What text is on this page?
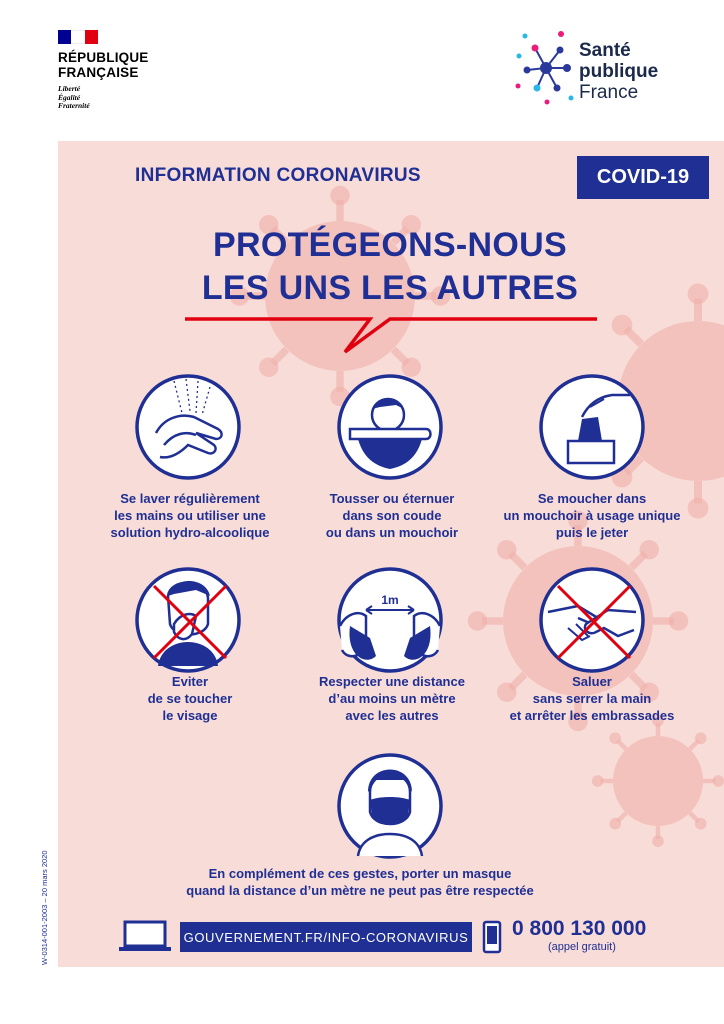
RÉPUBLIQUE
FRANÇAISE
Liberté
Égalité
Fraternité
Santé
publique
France
INFORMATION CORONAVIRUS	COVID-19
PROTÉGEONS-NOUS
LES UNS LES AUTRES
1m
Se laver régulièrement
les mains ou utiliser une
solution hydro-alcoolique
Tousser ou éternuer
dans son coude
ou dans un mouchoir
Se moucher dans
un mouchoir à usage unique
puis le jeter
Eviter
de se toucher
le visage
Respecter une distance
d’au moins un mètre
avec les autres
Saluer
sans serrer la main
et arrêter les embrassades
En complément de ces gestes, porter un masque
quand la distance d’un mètre ne peut pas être respectée
GOUVERNEMENT.FR/INFO-CORONAVIRUS 0 800 130 000
(appel gratuit)
W-0314-001-2003 – 20 mars 2020
